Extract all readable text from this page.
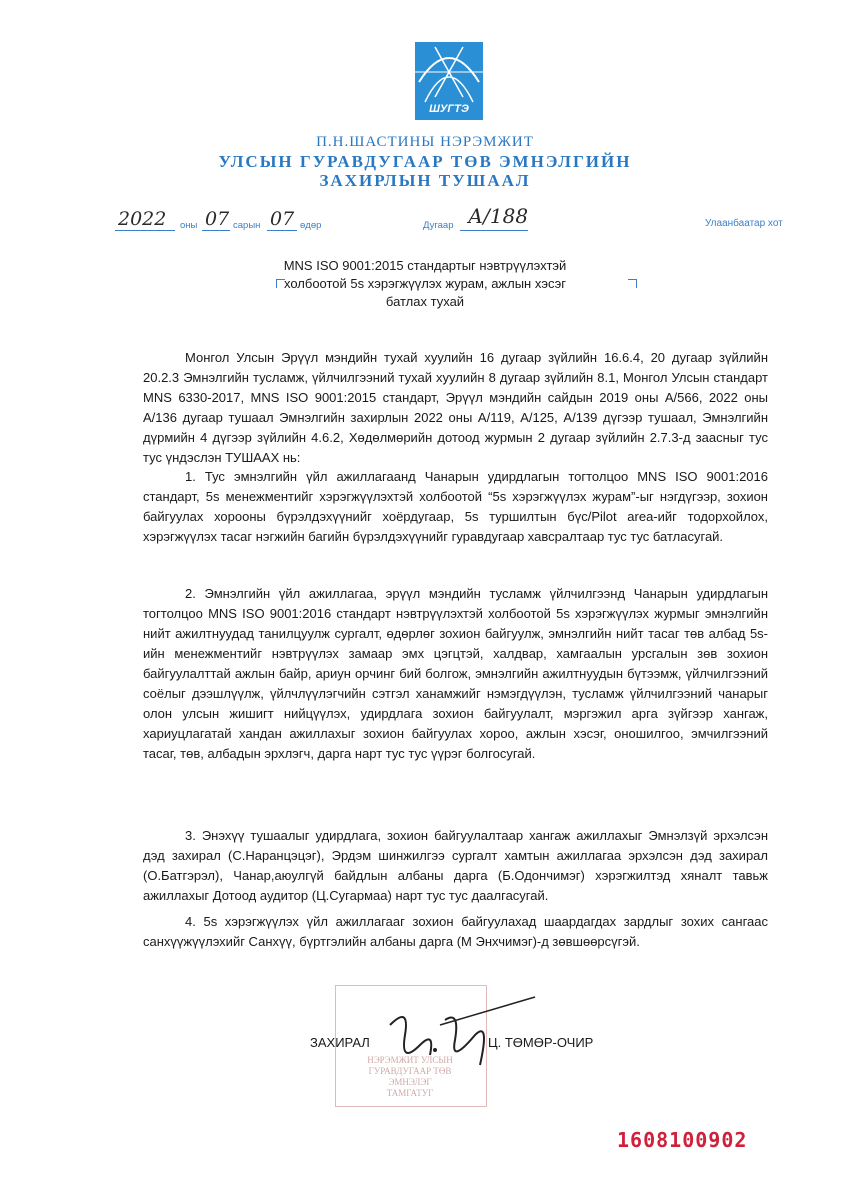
ШУГТЭ
П.Н.ШАСТИНЫ НЭРЭМЖИТ
УЛСЫН ГУРАВДУГААР ТӨВ ЭМНЭЛГИЙН
ЗАХИРЛЫН ТУШААЛ
2022 оны 07 сарын 07 өдөр	Дугаар А/188	Улаанбаатар хот
MNS ISO 9001:2015 стандартыг нэвтрүүлэхтэй
холбоотой 5s хэрэгжүүлэх журам, ажлын хэсэг
батлах тухай
Монгол Улсын Эрүүл мэндийн тухай хуулийн 16 дугаар зүйлийн 16.6.4, 20 дугаар зүйлийн 20.2.3 Эмнэлгийн тусламж, үйлчилгээний тухай хуулийн 8 дугаар зүйлийн 8.1, Монгол Улсын стандарт MNS 6330-2017, MNS ISO 9001:2015 стандарт, Эрүүл мэндийн сайдын 2019 оны А/566, 2022 оны А/136 дугаар тушаал Эмнэлгийн захирлын 2022 оны А/119, А/125, А/139 дүгээр тушаал, Эмнэлгийн дүрмийн 4 дүгээр зүйлийн 4.6.2, Хөдөлмөрийн дотоод журмын 2 дугаар зүйлийн 2.7.3-д заасныг тус тус үндэслэн ТУШААХ нь:
1. Тус эмнэлгийн үйл ажиллагаанд Чанарын удирдлагын тогтолцоо MNS ISO 9001:2016 стандарт, 5s менежментийг хэрэгжүүлэхтэй холбоотой “5s хэрэгжүүлэх журам”-ыг нэгдүгээр, зохион байгуулах хорооны бүрэлдэхүүнийг хоёрдугаар, 5s туршилтын бүс/Pilot area-ийг тодорхойлох, хэрэгжүүлэх тасаг нэгжийн багийн бүрэлдэхүүнийг гуравдугаар хавсралтаар тус тус батласугай.
2. Эмнэлгийн үйл ажиллагаа, эрүүл мэндийн тусламж үйлчилгээнд Чанарын удирдлагын тогтолцоо MNS ISO 9001:2016 стандарт нэвтрүүлэхтэй холбоотой 5s хэрэгжүүлэх журмыг эмнэлгийн нийт ажилтнуудад танилцуулж сургалт, өдөрлөг зохион байгуулж, эмнэлгийн нийт тасаг төв албад 5s-ийн менежментийг нэвтрүүлэх замаар эмх цэгцтэй, халдвар, хамгаалын урсгалын зөв зохион байгуулалттай ажлын байр, ариун орчинг бий болгож, эмнэлгийн ажилтнуудын бүтээмж, үйлчилгээний соёлыг дээшлүүлж, үйлчлүүлэгчийн сэтгэл ханамжийг нэмэгдүүлэн, тусламж үйлчилгээний чанарыг олон улсын жишигт нийцүүлэх, удирдлага зохион байгуулалт, мэргэжил арга зүйгээр хангаж, хариуцлагатай хандан ажиллахыг зохион байгуулах хороо, ажлын хэсэг, оношилгоо, эмчилгээний тасаг, төв, албадын эрхлэгч, дарга нарт тус тус үүрэг болгосугай.
3. Энэхүү тушаалыг удирдлага, зохион байгуулалтаар хангаж ажиллахыг Эмнэлзүй эрхэлсэн дэд захирал (С.Наранцэцэг), Эрдэм шинжилгээ сургалт хамтын ажиллагаа эрхэлсэн дэд захирал (О.Батгэрэл), Чанар,аюулгүй байдлын албаны дарга (Б.Одончимэг) хэрэгжилтэд хяналт тавьж ажиллахыг Дотоод аудитор (Ц.Сугармаа) нарт тус тус даалгасугай.
4. 5s хэрэгжүүлэх үйл ажиллагааг зохион байгуулахад шаардагдах зардлыг зохих сангаас санхүүжүүлэхийг Санхүү, бүртгэлийн албаны дарга (М Энхчимэг)-д зөвшөөрсүгэй.
НЭРЭМЖИТ УЛСЫН
ГУРАВДУГААР ТӨВ
ЭМНЭЛЭГ
ТАМГАТУГ
ЗАХИРАЛ	Ц. ТӨМӨР-ОЧИР
1608100902
